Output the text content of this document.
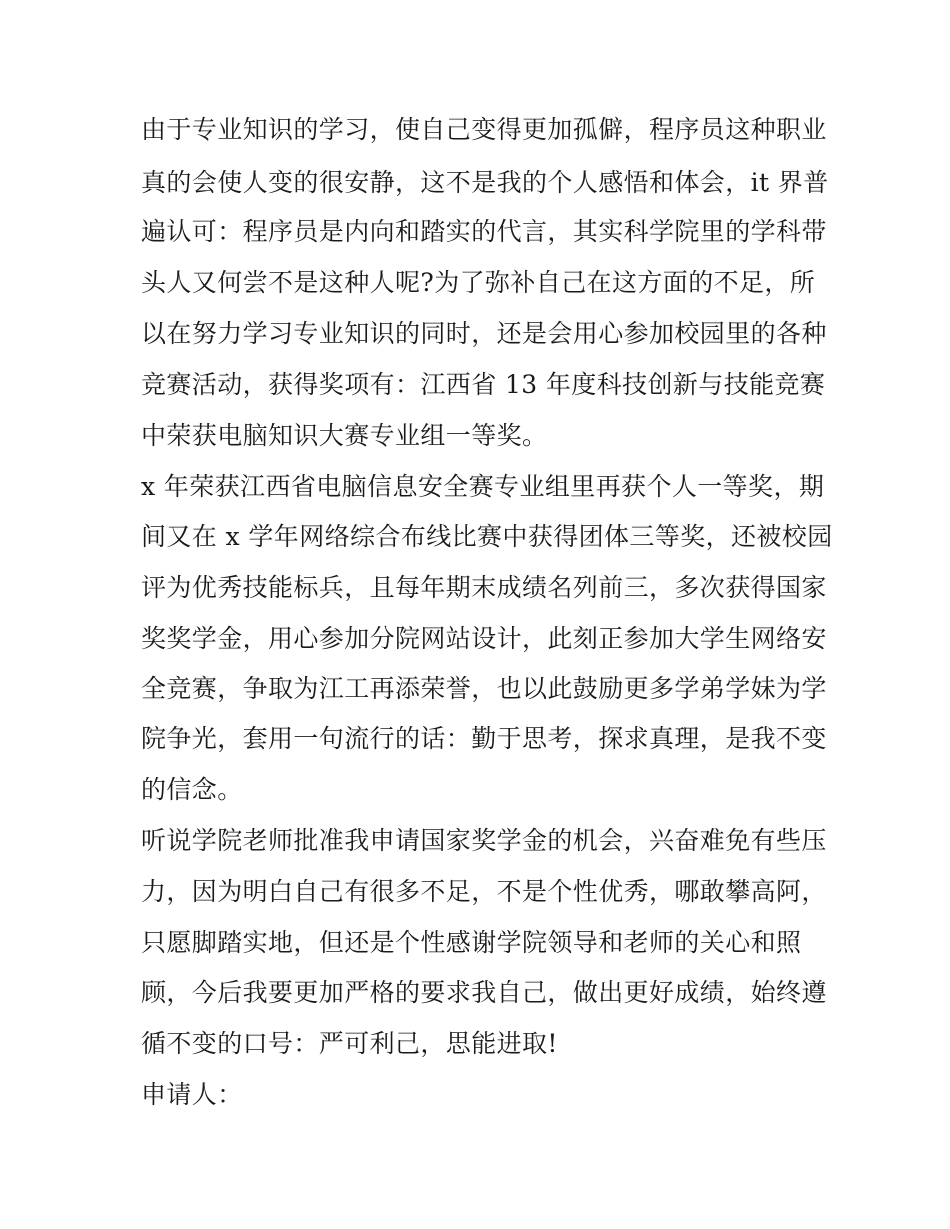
由于专业知识的学习，使自己变得更加孤僻，程序员这种职业
真的会使人变的很安静，这不是我的个人感悟和体会，it 界普
遍认可：程序员是内向和踏实的代言，其实科学院里的学科带
头人又何尝不是这种人呢?为了弥补自己在这方面的不足，所
以在努力学习专业知识的同时，还是会用心参加校园里的各种
竞赛活动，获得奖项有：江西省 13 年度科技创新与技能竞赛
中荣获电脑知识大赛专业组一等奖。
x 年荣获江西省电脑信息安全赛专业组里再获个人一等奖，期
间又在 x 学年网络综合布线比赛中获得团体三等奖，还被校园
评为优秀技能标兵，且每年期末成绩名列前三，多次获得国家
奖奖学金，用心参加分院网站设计，此刻正参加大学生网络安
全竞赛，争取为江工再添荣誉，也以此鼓励更多学弟学妹为学
院争光，套用一句流行的话：勤于思考，探求真理，是我不变
的信念。
听说学院老师批准我申请国家奖学金的机会，兴奋难免有些压
力，因为明白自己有很多不足，不是个性优秀，哪敢攀高阿，
只愿脚踏实地，但还是个性感谢学院领导和老师的关心和照
顾，今后我要更加严格的要求我自己，做出更好成绩，始终遵
循不变的口号：严可利己，思能进取!
申请人：
